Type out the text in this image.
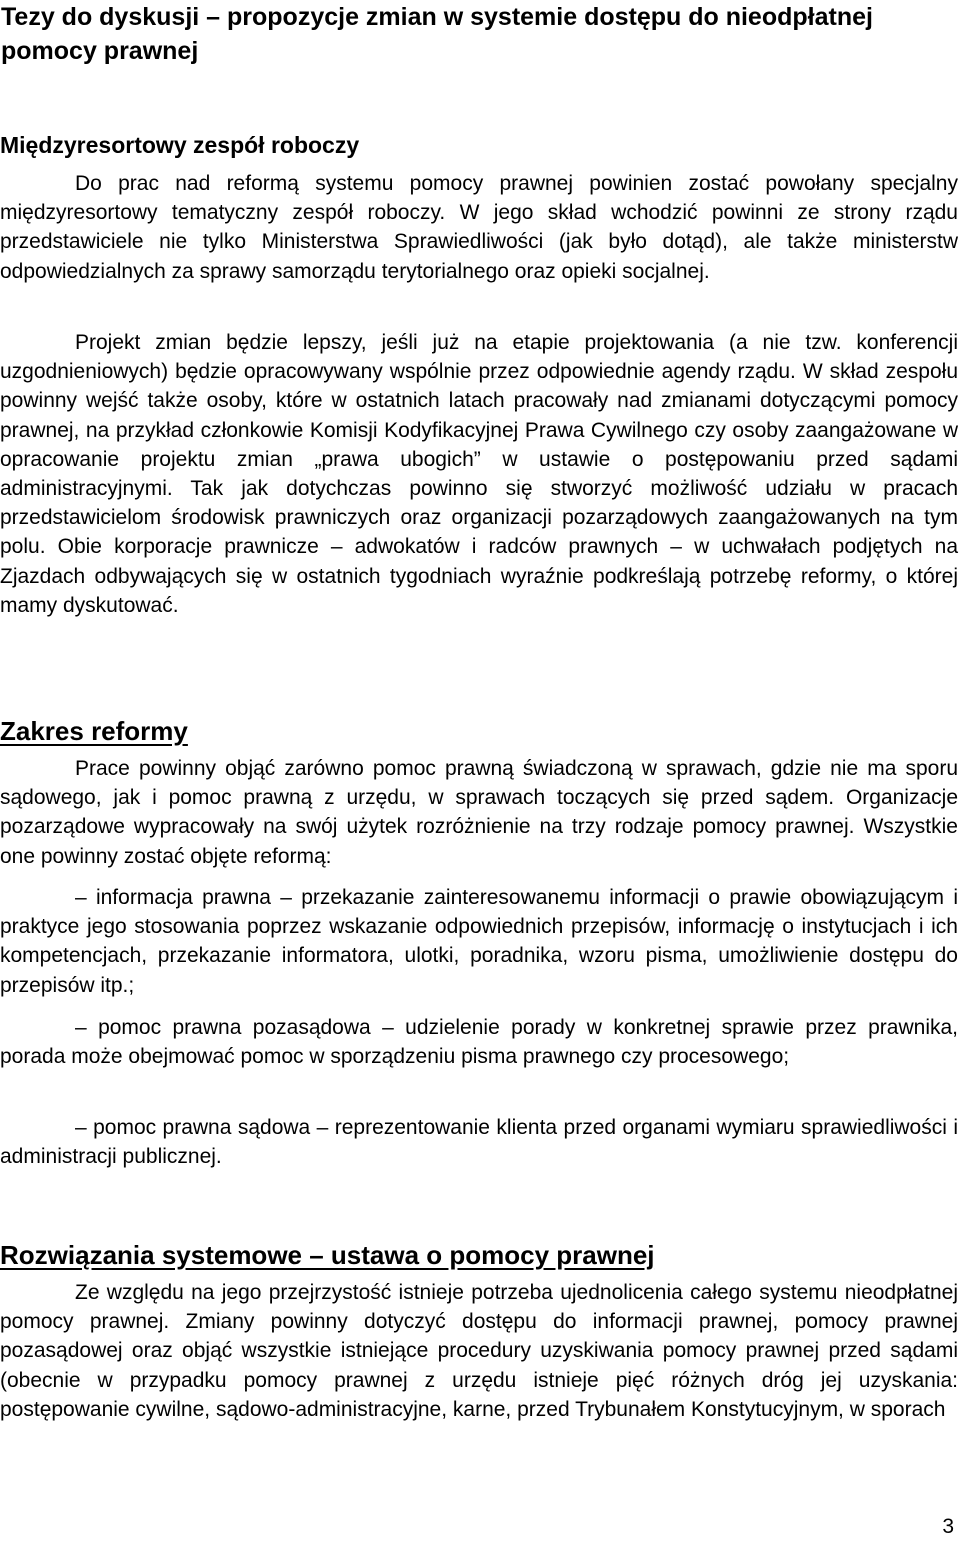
Tezy do dyskusji – propozycje zmian w systemie dostępu do nieodpłatnej pomocy prawnej
Międzyresortowy zespół roboczy

Do prac nad reformą systemu pomocy prawnej powinien zostać powołany specjalny międzyresortowy tematyczny zespół roboczy. W jego skład wchodzić powinni ze strony rządu przedstawiciele nie tylko Ministerstwa Sprawiedliwości (jak było dotąd), ale także ministerstw odpowiedzialnych za sprawy samorządu terytorialnego oraz opieki socjalnej.

Projekt zmian będzie lepszy, jeśli już na etapie projektowania (a nie tzw. konferencji uzgodnieniowych) będzie opracowywany wspólnie przez odpowiednie agendy rządu. W skład zespołu powinny wejść także osoby, które w ostatnich latach pracowały nad zmianami dotyczącymi pomocy prawnej, na przykład członkowie Komisji Kodyfikacyjnej Prawa Cywilnego czy osoby zaangażowane w opracowanie projektu zmian „prawa ubogich” w ustawie o postępowaniu przed sądami administracyjnymi. Tak jak dotychczas powinno się stworzyć możliwość udziału w pracach przedstawicielom środowisk prawniczych oraz organizacji pozarządowych zaangażowanych na tym polu. Obie korporacje prawnicze – adwokatów i radców prawnych – w uchwałach podjętych na Zjazdach odbywających się w ostatnich tygodniach wyraźnie podkreślają potrzebę reformy, o której mamy dyskutować.

Zakres reformy

Prace powinny objąć zarówno pomoc prawną świadczoną w sprawach, gdzie nie ma sporu sądowego, jak i pomoc prawną z urzędu, w sprawach toczących się przed sądem. Organizacje pozarządowe wypracowały na swój użytek rozróżnienie na trzy rodzaje pomocy prawnej. Wszystkie one powinny zostać objęte reformą:

– informacja prawna – przekazanie zainteresowanemu informacji o prawie obowiązującym i praktyce jego stosowania poprzez wskazanie odpowiednich przepisów, informację o instytucjach i ich kompetencjach, przekazanie informatora, ulotki, poradnika, wzoru pisma, umożliwienie dostępu do przepisów itp.;

– pomoc prawna pozasądowa – udzielenie porady w konkretnej sprawie przez prawnika, porada może obejmować pomoc w sporządzeniu pisma prawnego czy procesowego;

– pomoc prawna sądowa – reprezentowanie klienta przed organami wymiaru sprawiedliwości i administracji publicznej.

Rozwiązania systemowe – ustawa o pomocy prawnej

Ze względu na jego przejrzystość istnieje potrzeba ujednolicenia całego systemu nieodpłatnej pomocy prawnej. Zmiany powinny dotyczyć dostępu do informacji prawnej, pomocy prawnej pozasądowej oraz objąć wszystkie istniejące procedury uzyskiwania pomocy prawnej przed sądami (obecnie w przypadku pomocy prawnej z urzędu istnieje pięć różnych dróg jej uzyskania: postępowanie cywilne, sądowo-administracyjne, karne, przed Trybunałem Konstytucyjnym, w sporach

3
